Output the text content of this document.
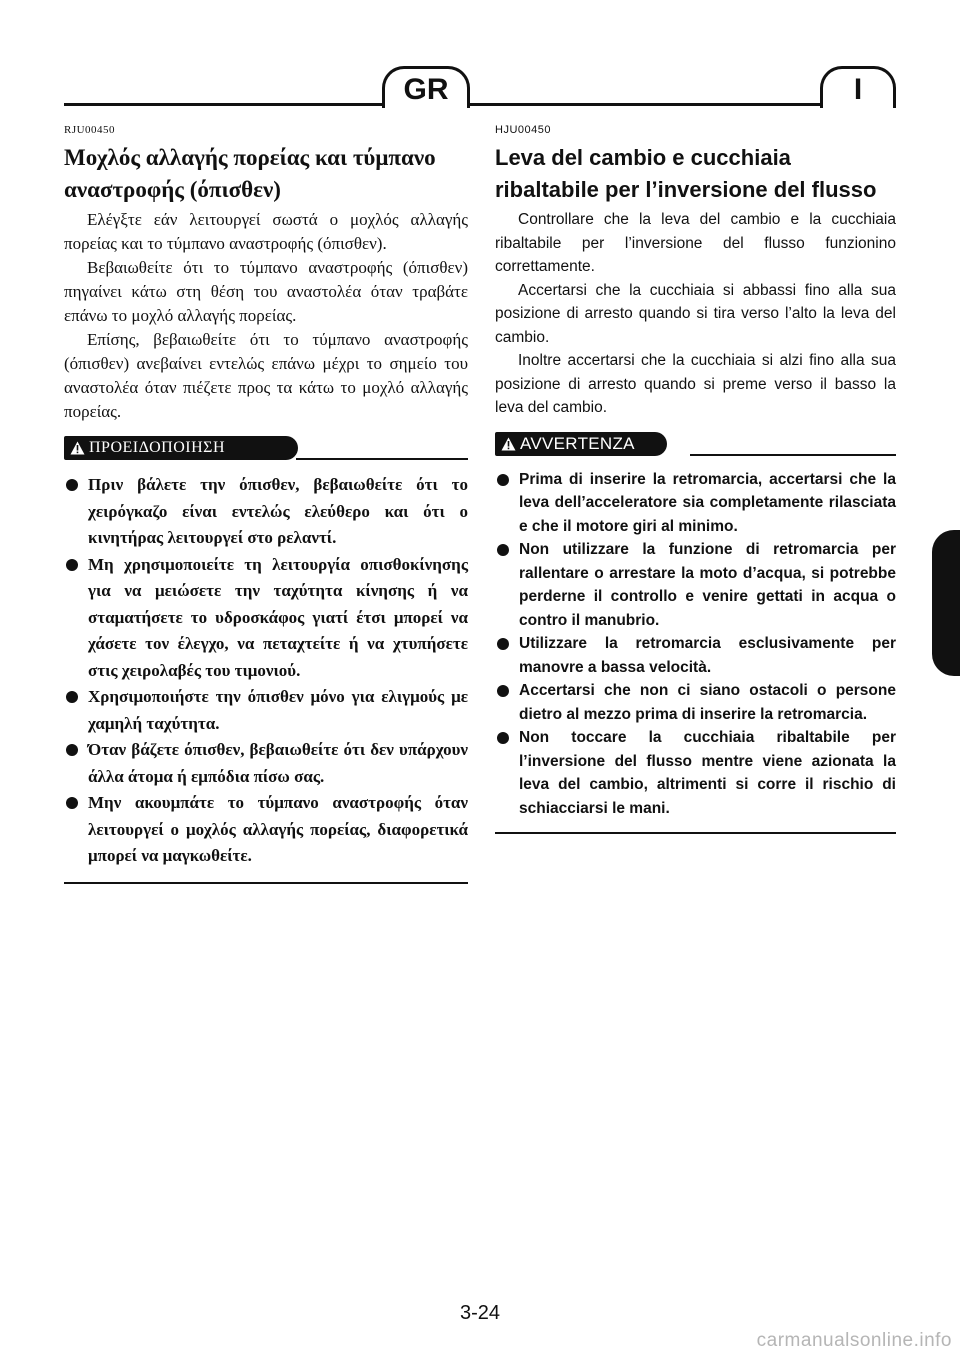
GR	I
RJU00450
Μοχλός αλλαγής πορείας και τύμπανο αναστροφής (όπισθεν)

Ελέγξτε εάν λειτουργεί σωστά ο μοχλός αλλαγής πορείας και το τύμπανο αναστροφής (όπισθεν).

Βεβαιωθείτε ότι το τύμπανο αναστροφής (όπισθεν) πηγαίνει κάτω στη θέση του αναστολέα όταν τραβάτε επάνω το μοχλό αλλαγής πορείας.

Επίσης, βεβαιωθείτε ότι το τύμπανο αναστροφής (όπισθεν) ανεβαίνει εντελώς επάνω μέχρι το σημείο του αναστολέα όταν πιέζετε προς τα κάτω το μοχλό αλλαγής πορείας.

ΠΡΟΕΙΔΟΠΟΙΗΣΗ
Πριν βάλετε την όπισθεν, βεβαιωθείτε ότι το χειρόγκαζο είναι εντελώς ελεύθερο και ότι ο κινητήρας λειτουργεί στο ρελαντί.
Μη χρησιμοποιείτε τη λειτουργία οπισθοκίνησης για να μειώσετε την ταχύτητα κίνησης ή να σταματήσετε το υδροσκάφος γιατί έτσι μπορεί να χάσετε τον έλεγχο, να πεταχτείτε ή να χτυπήσετε στις χειρολαβές του τιμονιού.
Χρησιμοποιήστε την όπισθεν μόνο για ελιγμούς με χαμηλή ταχύτητα.
Όταν βάζετε όπισθεν, βεβαιωθείτε ότι δεν υπάρχουν άλλα άτομα ή εμπόδια πίσω σας.
Μην ακουμπάτε το τύμπανο αναστροφής όταν λειτουργεί ο μοχλός αλλαγής πορείας, διαφορετικά μπορεί να μαγκωθείτε.
HJU00450
Leva del cambio e cucchiaia ribaltabile per l’inversione del flusso

Controllare che la leva del cambio e la cucchiaia ribaltabile per l’inversione del flusso funzionino correttamente.

Accertarsi che la cucchiaia si abbassi fino alla sua posizione di arresto quando si tira verso l’alto la leva del cambio.

Inoltre accertarsi che la cucchiaia si alzi fino alla sua posizione di arresto quando si preme verso il basso la leva del cambio.

AVVERTENZA
Prima di inserire la retromarcia, accertarsi che la leva dell’acceleratore sia completamente rilasciata e che il motore giri al minimo.
Non utilizzare la funzione di retromarcia per rallentare o arrestare la moto d’acqua, si potrebbe perderne il controllo e venire gettati in acqua o contro il manubrio.
Utilizzare la retromarcia esclusivamente per manovre a bassa velocità.
Accertarsi che non ci siano ostacoli o persone dietro al mezzo prima di inserire la retromarcia.
Non toccare la cucchiaia ribaltabile per l’inversione del flusso mentre viene azionata la leva del cambio, altrimenti si corre il rischio di schiacciarsi le mani.
3-24
carmanualsonline.info
